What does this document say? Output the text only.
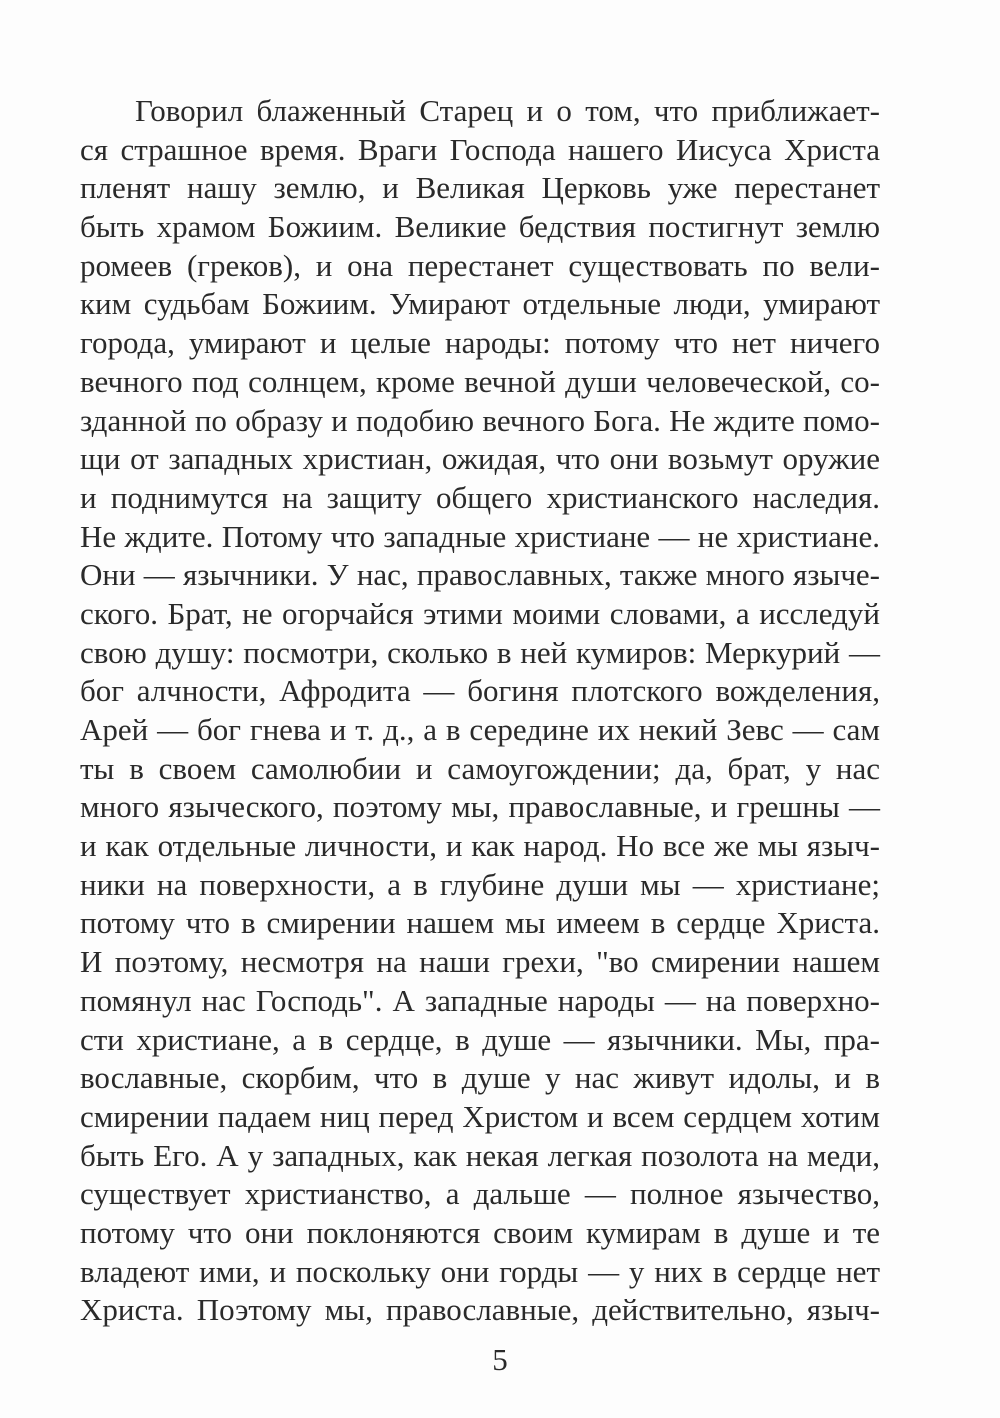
Говорил блаженный Старец и о том, что приближает-
ся страшное время. Враги Господа нашего Иисуса Христа
пленят нашу землю, и Великая Церковь уже перестанет
быть храмом Божиим. Великие бедствия постигнут землю
ромеев (греков), и она перестанет существовать по вели-
ким судьбам Божиим. Умирают отдельные люди, умирают
города, умирают и целые народы: потому что нет ничего
вечного под солнцем, кроме вечной души человеческой, со-
зданной по образу и подобию вечного Бога. Не ждите помо-
щи от западных христиан, ожидая, что они возьмут оружие
и поднимутся на защиту общего христианского наследия.
Не ждите. Потому что западные христиане — не христиане.
Они — язычники. У нас, православных, также много языче-
ского. Брат, не огорчайся этими моими словами, а исследуй
свою душу: посмотри, сколько в ней кумиров: Меркурий —
бог алчности, Афродита — богиня плотского вожделения,
Арей — бог гнева и т. д., а в середине их некий Зевс — сам
ты в своем самолюбии и самоугождении; да, брат, у нас
много языческого, поэтому мы, православные, и грешны —
и как отдельные личности, и как народ. Но все же мы языч-
ники на поверхности, а в глубине души мы — христиане;
потому что в смирении нашем мы имеем в сердце Христа.
И поэтому, несмотря на наши грехи, "во смирении нашем
помянул нас Господь". А западные народы — на поверхно-
сти христиане, а в сердце, в душе — язычники. Мы, пра-
вославные, скорбим, что в душе у нас живут идолы, и в
смирении падаем ниц перед Христом и всем сердцем хотим
быть Его. А у западных, как некая легкая позолота на меди,
существует христианство, а дальше — полное язычество,
потому что они поклоняются своим кумирам в душе и те
владеют ими, и поскольку они горды — у них в сердце нет
Христа. Поэтому мы, православные, действительно, языч-
5
